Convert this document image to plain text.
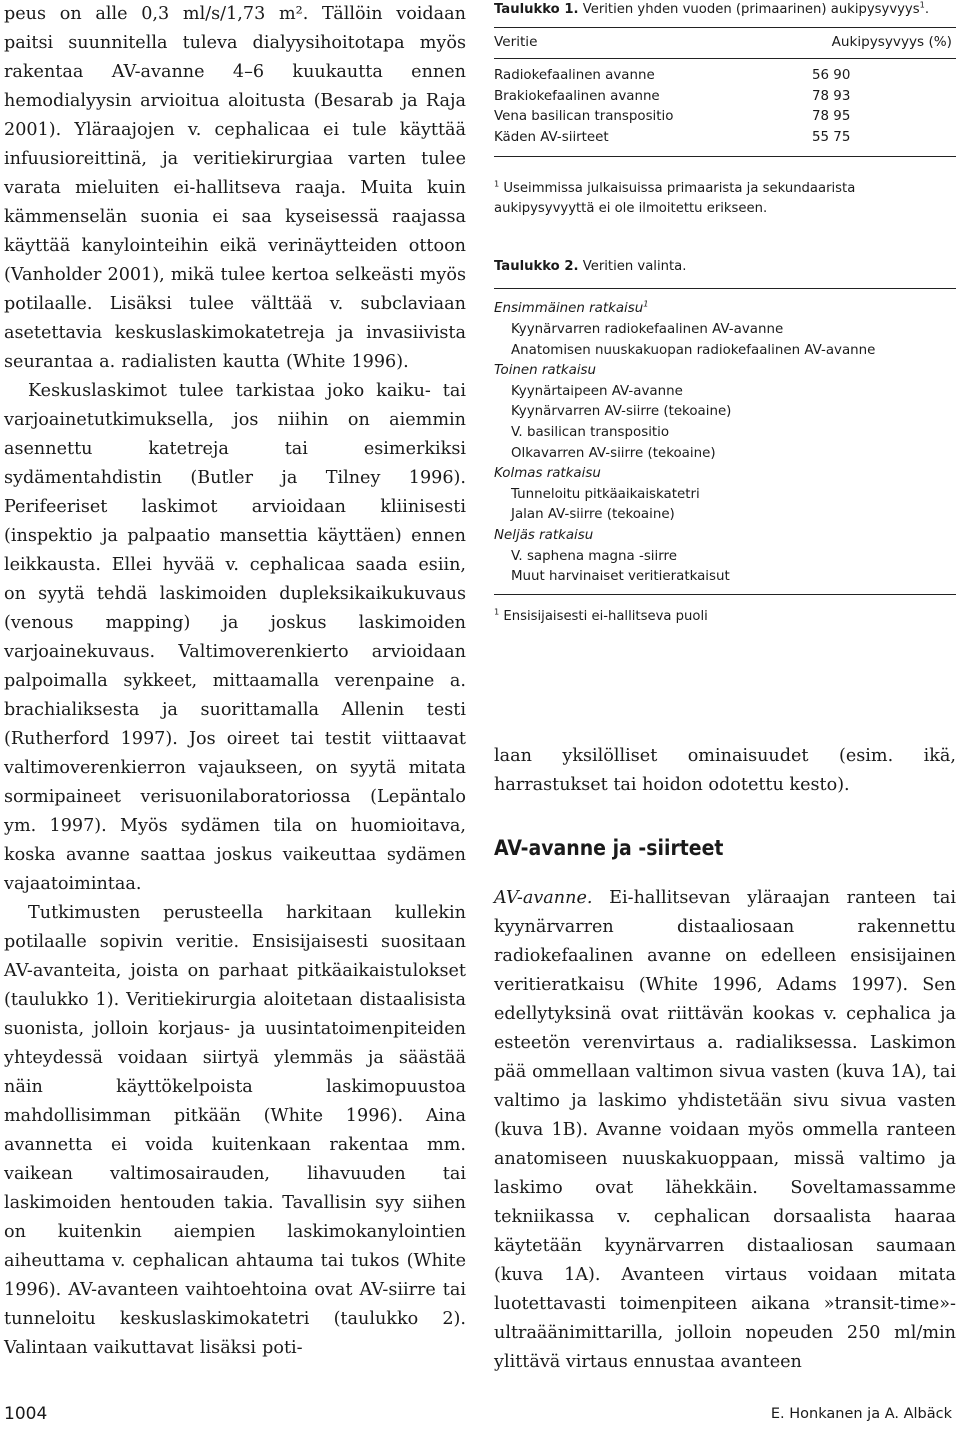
peus on alle 0,3 ml/s/1,73 m². Tällöin voidaan paitsi suunnitella tuleva dialyysihoitotapa myös rakentaa AV-avanne 4–6 kuukautta ennen hemodialyysin arvioitua aloitusta (Besarab ja Raja 2001). Yläraajojen v. cephalicaa ei tule käyttää infuusioreittinä, ja veritiekirurgiaa varten tulee varata mieluiten ei-hallitseva raaja. Muita kuin kämmenselän suonia ei saa kyseisessä raajassa käyttää kanylointeihin eikä verinäytteiden ottoon (Vanholder 2001), mikä tulee kertoa selkeästi myös potilaalle. Lisäksi tulee välttää v. subclaviaan asetettavia keskuslaskimokatetreja ja invasiivista seurantaa a. radialisten kautta (White 1996).

Keskuslaskimot tulee tarkistaa joko kaiku- tai varjoainetutkimuksella, jos niihin on aiemmin asennettu katetreja tai esimerkiksi sydämentahdistin (Butler ja Tilney 1996). Perifeeriset laskimot arvioidaan kliinisesti (inspektio ja palpaatio mansettia käyttäen) ennen leikkausta. Ellei hyvää v. cephalicaa saada esiin, on syytä tehdä laskimoiden dupleksikaikukuvaus (venous mapping) ja joskus laskimoiden varjoainekuvaus. Valtimoverenkierto arvioidaan palpoimalla sykkeet, mittaamalla verenpaine a. brachialiksesta ja suorittamalla Allenin testi (Rutherford 1997). Jos oireet tai testit viittaavat valtimoverenkierron vajaukseen, on syytä mitata sormipaineet verisuonilaboratoriossa (Lepäntalo ym. 1997). Myös sydämen tila on huomioitava, koska avanne saattaa joskus vaikeuttaa sydämen vajaatoimintaa.

Tutkimusten perusteella harkitaan kullekin potilaalle sopivin veritie. Ensisijaisesti suositaan AV-avanteita, joista on parhaat pitkäaikaistulokset (taulukko 1). Veritiekirurgia aloitetaan distaalisista suonista, jolloin korjaus- ja uusintatoimenpiteiden yhteydessä voidaan siirtyä ylemmäs ja säästää näin käyttökelpoista laskimopuustoa mahdollisimman pitkään (White 1996). Aina avannetta ei voida kuitenkaan rakentaa mm. vaikean valtimosairauden, lihavuuden tai laskimoiden hentouden takia. Tavallisin syy siihen on kuitenkin aiempien laskimokanylointien aiheuttama v. cephalican ahtauma tai tukos (White 1996). AV-avanteen vaihtoehtoina ovat AV-siirre tai tunneloitu keskuslaskimokatetri (taulukko 2). Valintaan vaikuttavat lisäksi poti-

Taulukko 1. Veritien yhden vuoden (primaarinen) aukipysyvyys$^1$.

Veritie	Aukipysyvyys (%)
Radiokefaalinen avanne	56 90
Brakiokefaalinen avanne	78 93
Vena basilican transpositio	78 95
Käden AV-siirteet	55 75

$^1$ Useimmissa julkaisuissa primaarista ja sekundaarista aukipysyvyyttä ei ole ilmoitettu erikseen.

Taulukko 2. Veritien valinta.

Ensimmäinen ratkaisu$^1$
Kyynärvarren radiokefaalinen AV-avanne
Anatomisen nuuskakuopan radiokefaalinen AV-avanne
Toinen ratkaisu
Kyynärtaipeen AV-avanne
Kyynärvarren AV-siirre (tekoaine)
V. basilican transpositio
Olkavarren AV-siirre (tekoaine)
Kolmas ratkaisu
Tunneloitu pitkäaikaiskatetri
Jalan AV-siirre (tekoaine)
Neljäs ratkaisu
V. saphena magna -siirre
Muut harvinaiset veritieratkaisut

$^1$ Ensisijaisesti ei-hallitseva puoli

laan yksilölliset ominaisuudet (esim. ikä, harrastukset tai hoidon odotettu kesto).

AV-avanne ja -siirteet

AV-avanne. Ei-hallitsevan yläraajan ranteen tai kyynärvarren distaaliosaan rakennettu radiokefaalinen avanne on edelleen ensisijainen veritieratkaisu (White 1996, Adams 1997). Sen edellytyksinä ovat riittävän kookas v. cephalica ja esteetön verenvirtaus a. radialiksessa. Laskimon pää ommellaan valtimon sivua vasten (kuva 1A), tai valtimo ja laskimo yhdistetään sivu sivua vasten (kuva 1B). Avanne voidaan myös ommella ranteen anatomiseen nuuskakuoppaan, missä valtimo ja laskimo ovat lähekkäin. Soveltamassamme tekniikassa v. cephalican dorsaalista haaraa käytetään kyynärvarren distaaliosan saumaan (kuva 1A). Avanteen virtaus voidaan mitata luotettavasti toimenpiteen aikana »transit-time»-ultraäänimittarilla, jolloin nopeuden 250 ml/min ylittävä virtaus ennustaa avanteen

1004	E. Honkanen ja A. Albäck
